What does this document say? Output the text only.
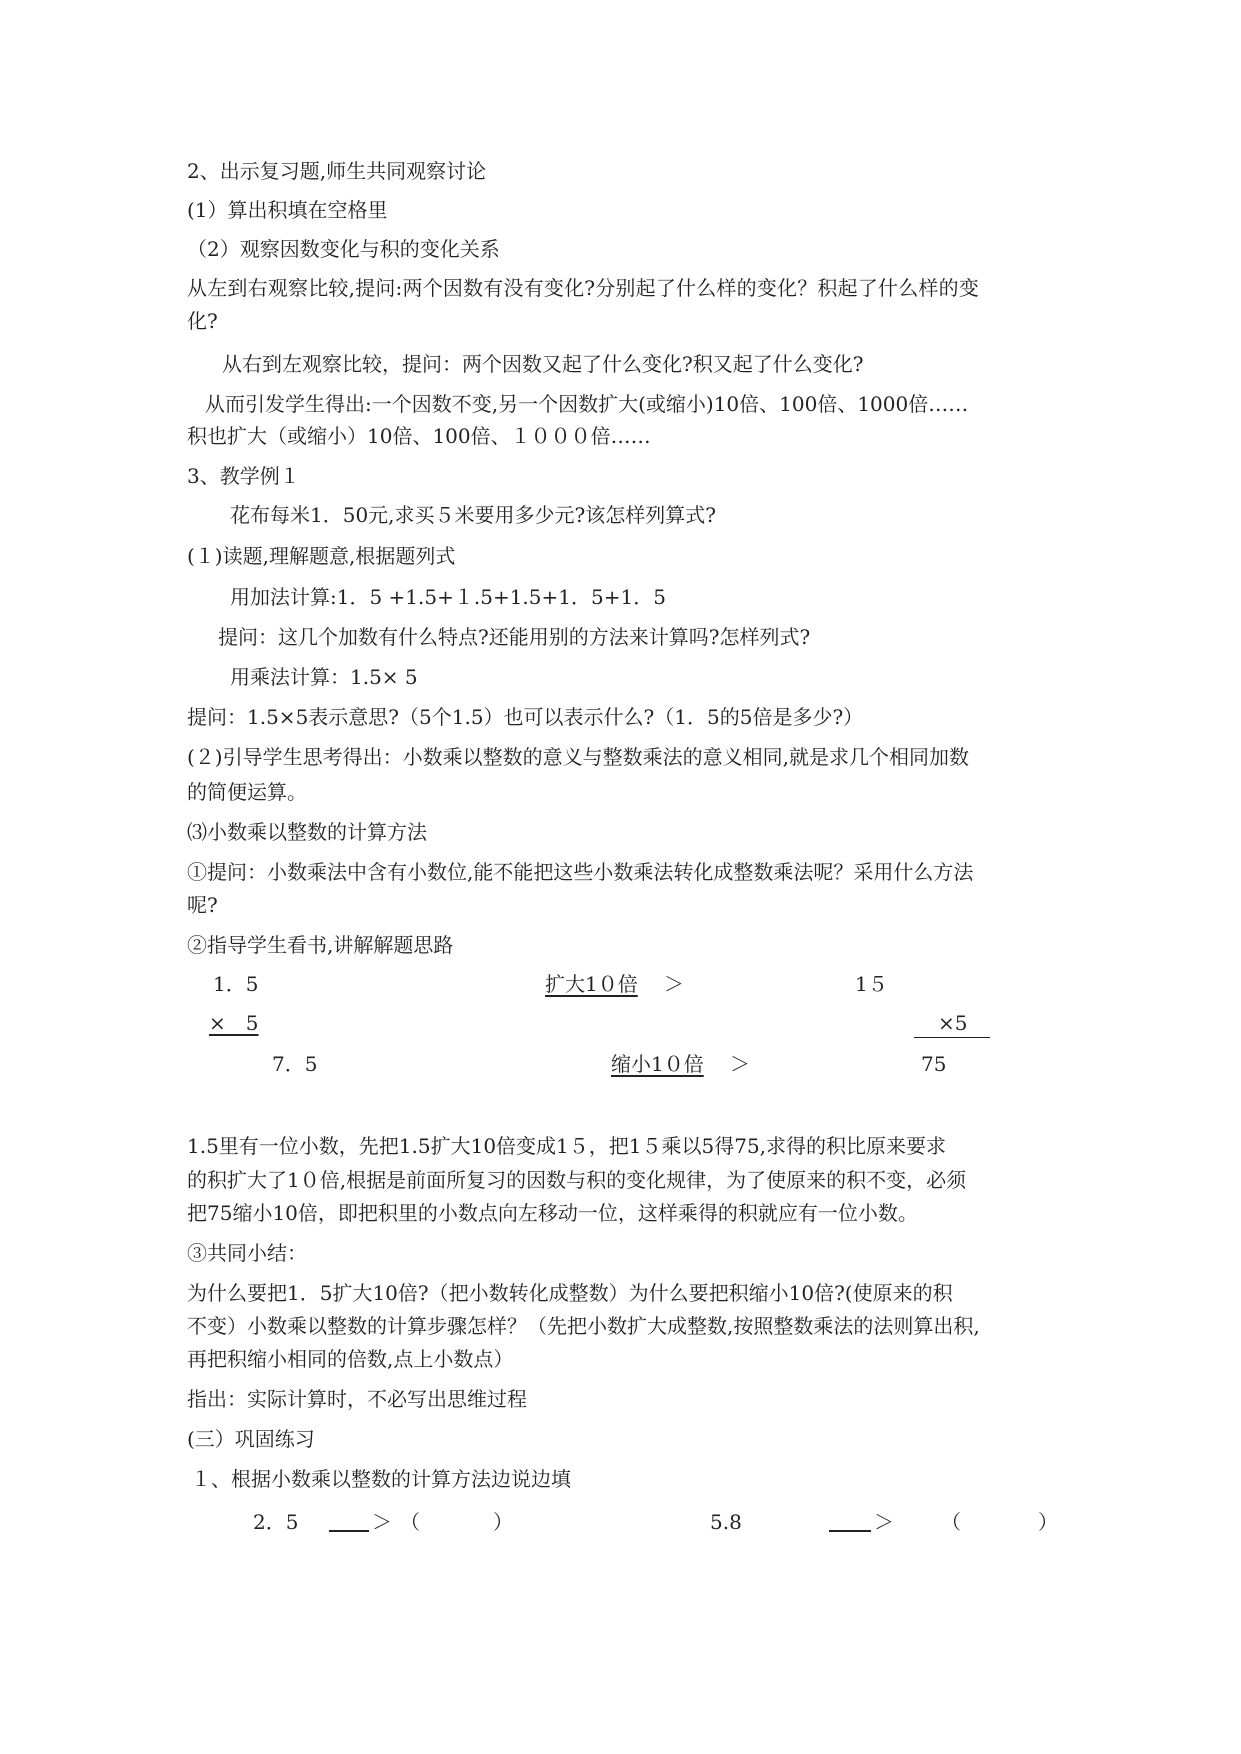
2、出示复习题,师生共同观察讨论
(1）算出积填在空格里
（2）观察因数变化与积的变化关系
从左到右观察比较,提问:两个因数有没有变化?分别起了什么样的变化？积起了什么样的变
化?
从右到左观察比较，提问：两个因数又起了什么变化?积又起了什么变化?
从而引发学生得出:一个因数不变,另一个因数扩大(或缩小)10倍、100倍、1000倍……
积也扩大（或缩小）10倍、100倍、１０００倍……
3、教学例１
花布每米1．50元,求买５米要用多少元?该怎样列算式?
(１)读题,理解题意,根据题列式
用加法计算:1．5 +1.5+１.5+1.5+1．5+1．5
提问：这几个加数有什么特点?还能用别的方法来计算吗?怎样列式?
用乘法计算：1.5× 5
提问：1.5×5表示意思?（5个1.5）也可以表示什么?（1．5的5倍是多少?）
(２)引导学生思考得出：小数乘以整数的意义与整数乘法的意义相同,就是求几个相同加数
的简便运算。
⑶小数乘以整数的计算方法
①提问：小数乘法中含有小数位,能不能把这些小数乘法转化成整数乘法呢？采用什么方法
呢?
②指导学生看书,讲解解题思路
1．5
×　5
7．5
扩大1０倍 ＞
缩小1０倍 ＞
1５
×5
75
1.5里有一位小数，先把1.5扩大10倍变成1５，把1５乘以5得75,求得的积比原来要求
的积扩大了1０倍,根据是前面所复习的因数与积的变化规律，为了使原来的积不变，必须
把75缩小10倍，即把积里的小数点向左移动一位，这样乘得的积就应有一位小数。
③共同小结：
为什么要把1．5扩大10倍?（把小数转化成整数）为什么要把积缩小10倍?(使原来的积
不变）小数乘以整数的计算步骤怎样？（先把小数扩大成整数,按照整数乘法的法则算出积,
再把积缩小相同的倍数,点上小数点）
指出：实际计算时，不必写出思维过程
(三）巩固练习
１、根据小数乘以整数的计算方法边说边填
2．5	＞ （	）	5.8	＞ （	）
